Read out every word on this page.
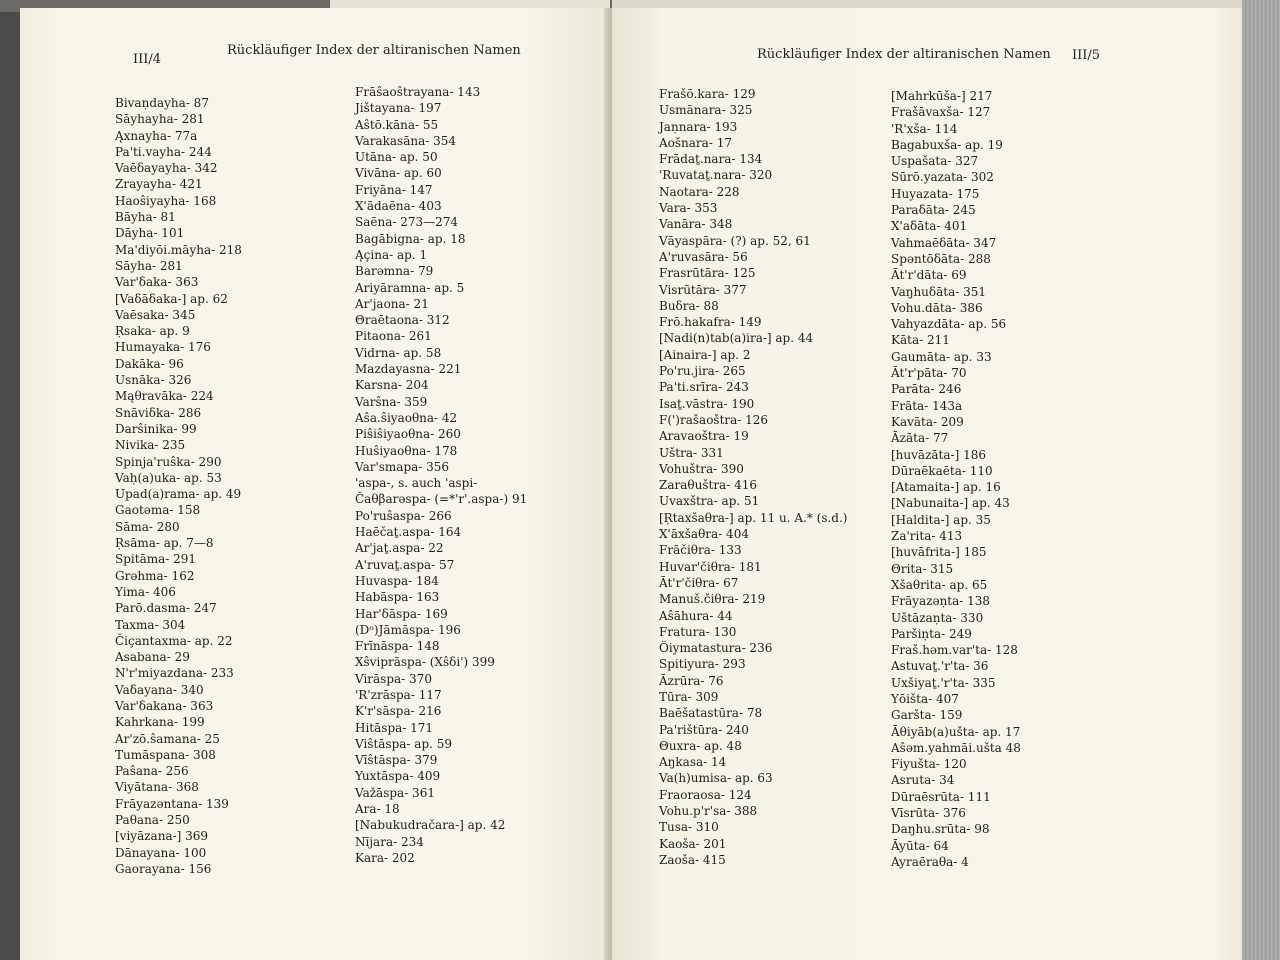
III/4
Rückläufiger Index der altiranischen Namen
Bivaṇdayha- 87
Sāyhayha- 281
Ąxnayha- 77a
Pa'ti.vayha- 244
Vaēδayayha- 342
Zrayayha- 421
Haoŝiyayha- 168
Bāyha- 81
Dāyha- 101
Ma'diyōi.māyha- 218
Sāyha- 281
Var'δaka- 363
[Vaδāδaka-] ap. 62
Vaēsaka- 345
Ṛsaka- ap. 9
Humayaka- 176
Dakāka- 96
Usnāka- 326
Mąθravāka- 224
Snāviδka- 286
Darŝinika- 99
Nivika- 235
Spinja'ruŝka- 290
Vaḥ(a)uka- ap. 53
Upad(a)rama- ap. 49
Gaotəma- 158
Sāma- 280
Ṛsāma- ap. 7—8
Spitāma- 291
Grəhma- 162
Yima- 406
Parō.dasma- 247
Taxma- 304
Čiçantaxma- ap. 22
Asabana- 29
N'r'miyazdana- 233
Vaδayana- 340
Var'δakana- 363
Kahrkana- 199
Ar'zō.ŝamana- 25
Tumāspana- 308
Paŝana- 256
Viyātana- 368
Frāyazəntana- 139
Paθana- 250
[viyāzana-] 369
Dānayana- 100
Gaorayana- 156
Frāŝaoŝtrayana- 143
Jištayana- 197
Aŝtō.kāna- 55
Varakasāna- 354
Utāna- ap. 50
Vivāna- ap. 60
Friyāna- 147
X'ādaēna- 403
Saēna- 273—274
Bagābigna- ap. 18
Ąçina- ap. 1
Barəmna- 79
Ariyāramna- ap. 5
Ar'jaona- 21
Θraētaona- 312
Pitaona- 261
Vidrna- ap. 58
Mazdayasna- 221
Karsna- 204
Varŝna- 359
Aŝa.ŝiyaoθna- 42
Piŝiŝiyaoθna- 260
Huŝiyaoθna- 178
Var'smapa- 356
'aspa-, s. auch 'aspi-
Čaθβarəspa- (=*'r'.aspa-) 91
Po'ruŝaspa- 266
Haēčaṯ.aspa- 164
Ar'jaṯ.aspa- 22
A'ruvaṯ.aspa- 57
Huvaspa- 184
Habāspa- 163
Har'δāspa- 169
(Dᵒ)Jāmāspa- 196
Frīnāspa- 148
Xŝviprāspa- (Xŝδi') 399
Virāspa- 370
'R'zrāspa- 117
K'r'sāspa- 216
Hitāspa- 171
Viŝtāspa- ap. 59
Vīŝtāspa- 379
Yuxtāspa- 409
Važāspa- 361
Ara- 18
[Nabukudračara-] ap. 42
Nījara- 234
Kara- 202
Rückläufiger Index der altiranischen Namen III/5
Frašō.kara- 129
Usmānara- 325
Jaṇnara- 193
Aošnara- 17
Frādaṯ.nara- 134
'Ruvataṯ.nara- 320
Naotara- 228
Vara- 353
Vanāra- 348
Vāyaspāra- (?) ap. 52, 61
A'ruvasāra- 56
Frasrūtāra- 125
Visrūtāra- 377
Buδra- 88
Frō.hakafra- 149
[Nadi(n)tab(a)ira-] ap. 44
[Ainaira-] ap. 2
Po'ru.jira- 265
Pa'ti.srīra- 243
Isaṯ.vāstra- 190
F(')rašaoštra- 126
Aravaoštra- 19
Uštra- 331
Vohuštra- 390
Zaraθuštra- 416
Uvaxštra- ap. 51
[Ṛtaxšaθra-] ap. 11 u. A.* (s.d.)
X'āxšaθra- 404
Frāčiθra- 133
Huvar'čiθra- 181
Āt'r'čiθra- 67
Manuš.čiθra- 219
Aŝāhura- 44
Fratura- 130
Öiymatastura- 236
Spitiyura- 293
Āzrūra- 76
Tūra- 309
Baēšatastūra- 78
Pa'rištūra- 240
Θuxra- ap. 48
Aŋkasa- 14
Va(h)umisa- ap. 63
Fraoraosa- 124
Vohu.p'r'sa- 388
Tusa- 310
Kaoša- 201
Zaoša- 415
[Mahrkūša-] 217
Frašāvaxša- 127
'R'xša- 114
Bagabuxša- ap. 19
Uspašata- 327
Sūrō.yazata- 302
Huyazata- 175
Paraδāta- 245
X'aδāta- 401
Vahmaēδāta- 347
Spəntōδāta- 288
Āt'r'dāta- 69
Vaŋhuδāta- 351
Vohu.dāta- 386
Vahyazdāta- ap. 56
Kāta- 211
Gaumāta- ap. 33
Āt'r'pāta- 70
Parāta- 246
Frāta- 143a
Kavāta- 209
Āzāta- 77
[huvāzāta-] 186
Dūraēkaēta- 110
[Atamaita-] ap. 16
[Nabunaita-] ap. 43
[Haldita-] ap. 35
Za'rita- 413
[huvāfrita-] 185
Θrita- 315
Xšaθrita- ap. 65
Frāyazəṇta- 138
Uštāzaṇta- 330
Paršiṇta- 249
Fraš.həm.var'ta- 128
Astuvaṯ.'r'ta- 36
Uxšiyaṯ.'r'ta- 335
Yōišta- 407
Garšta- 159
Āθiyāb(a)ušta- ap. 17
Aŝəm.yahmāi.ušta 48
Fiyušta- 120
Asruta- 34
Dūraēsrūta- 111
Vīsrūta- 376
Daŋhu.srūta- 98
Āyūta- 64
Ayraēraθa- 4
